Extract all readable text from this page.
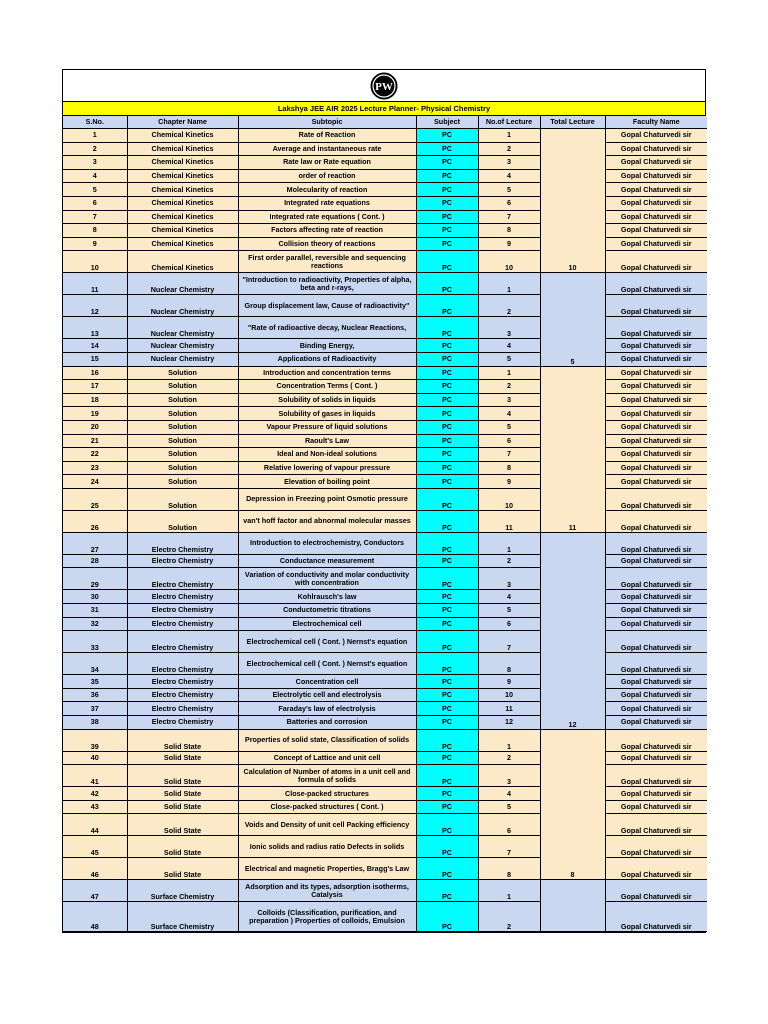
PW
Lakshya JEE AIR 2025 Lecture Planner- Physical Chemistry
S.No.	Chapter Name	Subtopic	Subject	No.of Lecture	Total Lecture	Faculty Name
1	Chemical Kinetics	Rate of Reaction	PC	1	10	Gopal Chaturvedi sir
2	Chemical Kinetics	Average and instantaneous rate	PC	2		Gopal Chaturvedi sir
3	Chemical Kinetics	Rate law or Rate equation	PC	3		Gopal Chaturvedi sir
4	Chemical Kinetics	order of reaction	PC	4		Gopal Chaturvedi sir
5	Chemical Kinetics	Molecularity of reaction	PC	5		Gopal Chaturvedi sir
6	Chemical Kinetics	Integrated rate equations	PC	6		Gopal Chaturvedi sir
7	Chemical Kinetics	Integrated rate equations ( Cont. )	PC	7		Gopal Chaturvedi sir
8	Chemical Kinetics	Factors affecting rate of reaction	PC	8		Gopal Chaturvedi sir
9	Chemical Kinetics	Collision theory of reactions	PC	9		Gopal Chaturvedi sir
10	Chemical Kinetics	First order parallel, reversible and sequencing reactions	PC	10		Gopal Chaturvedi sir
11	Nuclear Chemistry	"Introduction to radioactivity, Properties of alpha, beta and r-rays,	PC	1	5	Gopal Chaturvedi sir
12	Nuclear Chemistry	Group displacement law, Cause of radioactivity"	PC	2		Gopal Chaturvedi sir
13	Nuclear Chemistry	"Rate of radioactive decay, Nuclear Reactions,	PC	3		Gopal Chaturvedi sir
14	Nuclear Chemistry	Binding Energy,	PC	4		Gopal Chaturvedi sir
15	Nuclear Chemistry	Applications of Radioactivity	PC	5		Gopal Chaturvedi sir
16	Solution	Introduction and concentration terms	PC	1	11	Gopal Chaturvedi sir
17	Solution	Concentration Terms ( Cont. )	PC	2		Gopal Chaturvedi sir
18	Solution	Solubility of solids in liquids	PC	3		Gopal Chaturvedi sir
19	Solution	Solubility of gases in liquids	PC	4		Gopal Chaturvedi sir
20	Solution	Vapour Pressure of liquid solutions	PC	5		Gopal Chaturvedi sir
21	Solution	Raoult's Law	PC	6		Gopal Chaturvedi sir
22	Solution	Ideal and Non-ideal solutions	PC	7		Gopal Chaturvedi sir
23	Solution	Relative lowering of vapour pressure	PC	8		Gopal Chaturvedi sir
24	Solution	Elevation of boiling point	PC	9		Gopal Chaturvedi sir
25	Solution	Depression in Freezing point Osmotic pressure	PC	10		Gopal Chaturvedi sir
26	Solution	van't hoff factor and abnormal molecular masses	PC	11		Gopal Chaturvedi sir
27	Electro Chemistry	Introduction to electrochemistry, Conductors	PC	1	12	Gopal Chaturvedi sir
28	Electro Chemistry	Conductance measurement	PC	2		Gopal Chaturvedi sir
29	Electro Chemistry	Variation of conductivity and molar conductivity with concentration	PC	3		Gopal Chaturvedi sir
30	Electro Chemistry	Kohlrausch's law	PC	4		Gopal Chaturvedi sir
31	Electro Chemistry	Conductometric titrations	PC	5		Gopal Chaturvedi sir
32	Electro Chemistry	Electrochemical cell	PC	6		Gopal Chaturvedi sir
33	Electro Chemistry	Electrochemical cell ( Cont. ) Nernst's equation	PC	7		Gopal Chaturvedi sir
34	Electro Chemistry	Electrochemical cell ( Cont. ) Nernst's equation	PC	8		Gopal Chaturvedi sir
35	Electro Chemistry	Concentration cell	PC	9		Gopal Chaturvedi sir
36	Electro Chemistry	Electrolytic cell and electrolysis	PC	10		Gopal Chaturvedi sir
37	Electro Chemistry	Faraday's law of electrolysis	PC	11		Gopal Chaturvedi sir
38	Electro Chemistry	Batteries and corrosion	PC	12		Gopal Chaturvedi sir
39	Solid State	Properties of solid state, Classification of solids	PC	1	8	Gopal Chaturvedi sir
40	Solid State	Concept of Lattice and unit cell	PC	2		Gopal Chaturvedi sir
41	Solid State	Calculation of Number of atoms in a unit cell and formula of solids	PC	3		Gopal Chaturvedi sir
42	Solid State	Close-packed structures	PC	4		Gopal Chaturvedi sir
43	Solid State	Close-packed structures ( Cont. )	PC	5		Gopal Chaturvedi sir
44	Solid State	Voids and Density of unit cell Packing efficiency	PC	6		Gopal Chaturvedi sir
45	Solid State	Ionic solids and radius ratio Defects in solids	PC	7		Gopal Chaturvedi sir
46	Solid State	Electrical and magnetic Properties, Bragg's Law	PC	8		Gopal Chaturvedi sir
47	Surface Chemistry	Adsorption and its types, adsorption isotherms, Catalysis	PC	1		Gopal Chaturvedi sir
48	Surface Chemistry	Colloids (Classification, purification, and preparation ) Properties of colloids, Emulsion	PC	2		Gopal Chaturvedi sir
